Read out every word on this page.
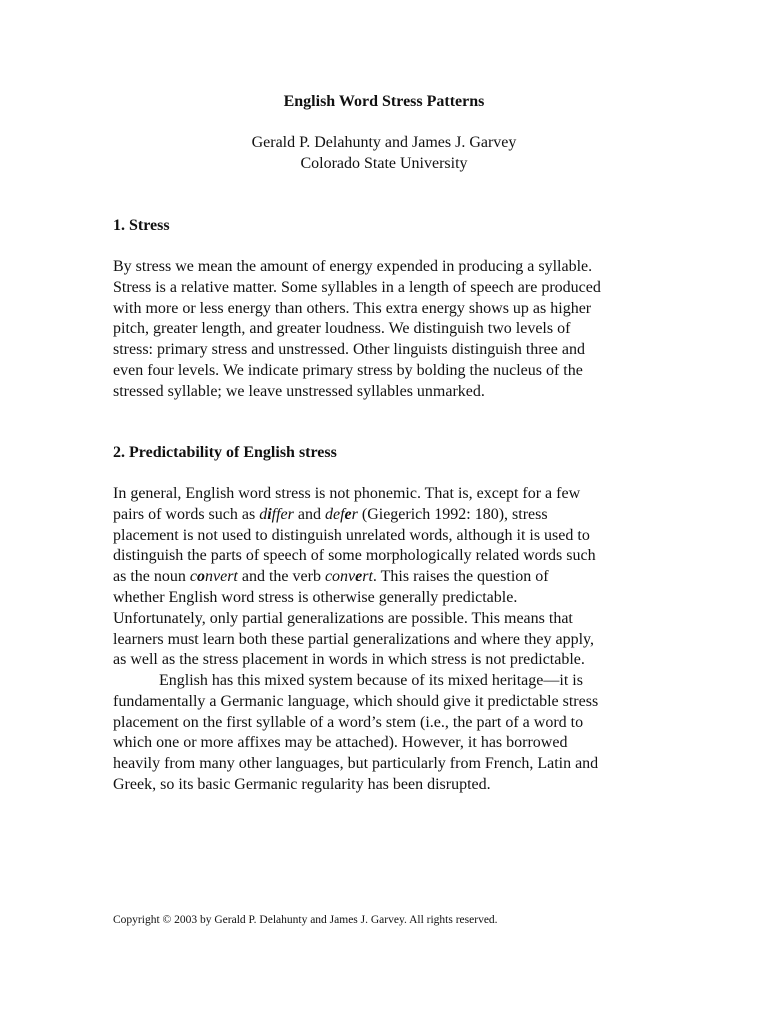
English Word Stress Patterns
Gerald P. Delahunty and James J. Garvey
Colorado State University
1. Stress
By stress we mean the amount of energy expended in producing a syllable.
Stress is a relative matter. Some syllables in a length of speech are produced
with more or less energy than others. This extra energy shows up as higher
pitch, greater length, and greater loudness. We distinguish two levels of
stress: primary stress and unstressed. Other linguists distinguish three and
even four levels. We indicate primary stress by bolding the nucleus of the
stressed syllable; we leave unstressed syllables unmarked.
2. Predictability of English stress
In general, English word stress is not phonemic. That is, except for a few
pairs of words such as differ and defer (Giegerich 1992: 180), stress
placement is not used to distinguish unrelated words, although it is used to
distinguish the parts of speech of some morphologically related words such
as the noun convert and the verb convert. This raises the question of
whether English word stress is otherwise generally predictable.
Unfortunately, only partial generalizations are possible. This means that
learners must learn both these partial generalizations and where they apply,
as well as the stress placement in words in which stress is not predictable.
English has this mixed system because of its mixed heritage—it is
fundamentally a Germanic language, which should give it predictable stress
placement on the first syllable of a word’s stem (i.e., the part of a word to
which one or more affixes may be attached). However, it has borrowed
heavily from many other languages, but particularly from French, Latin and
Greek, so its basic Germanic regularity has been disrupted.
Copyright © 2003 by Gerald P. Delahunty and James J. Garvey. All rights reserved.
